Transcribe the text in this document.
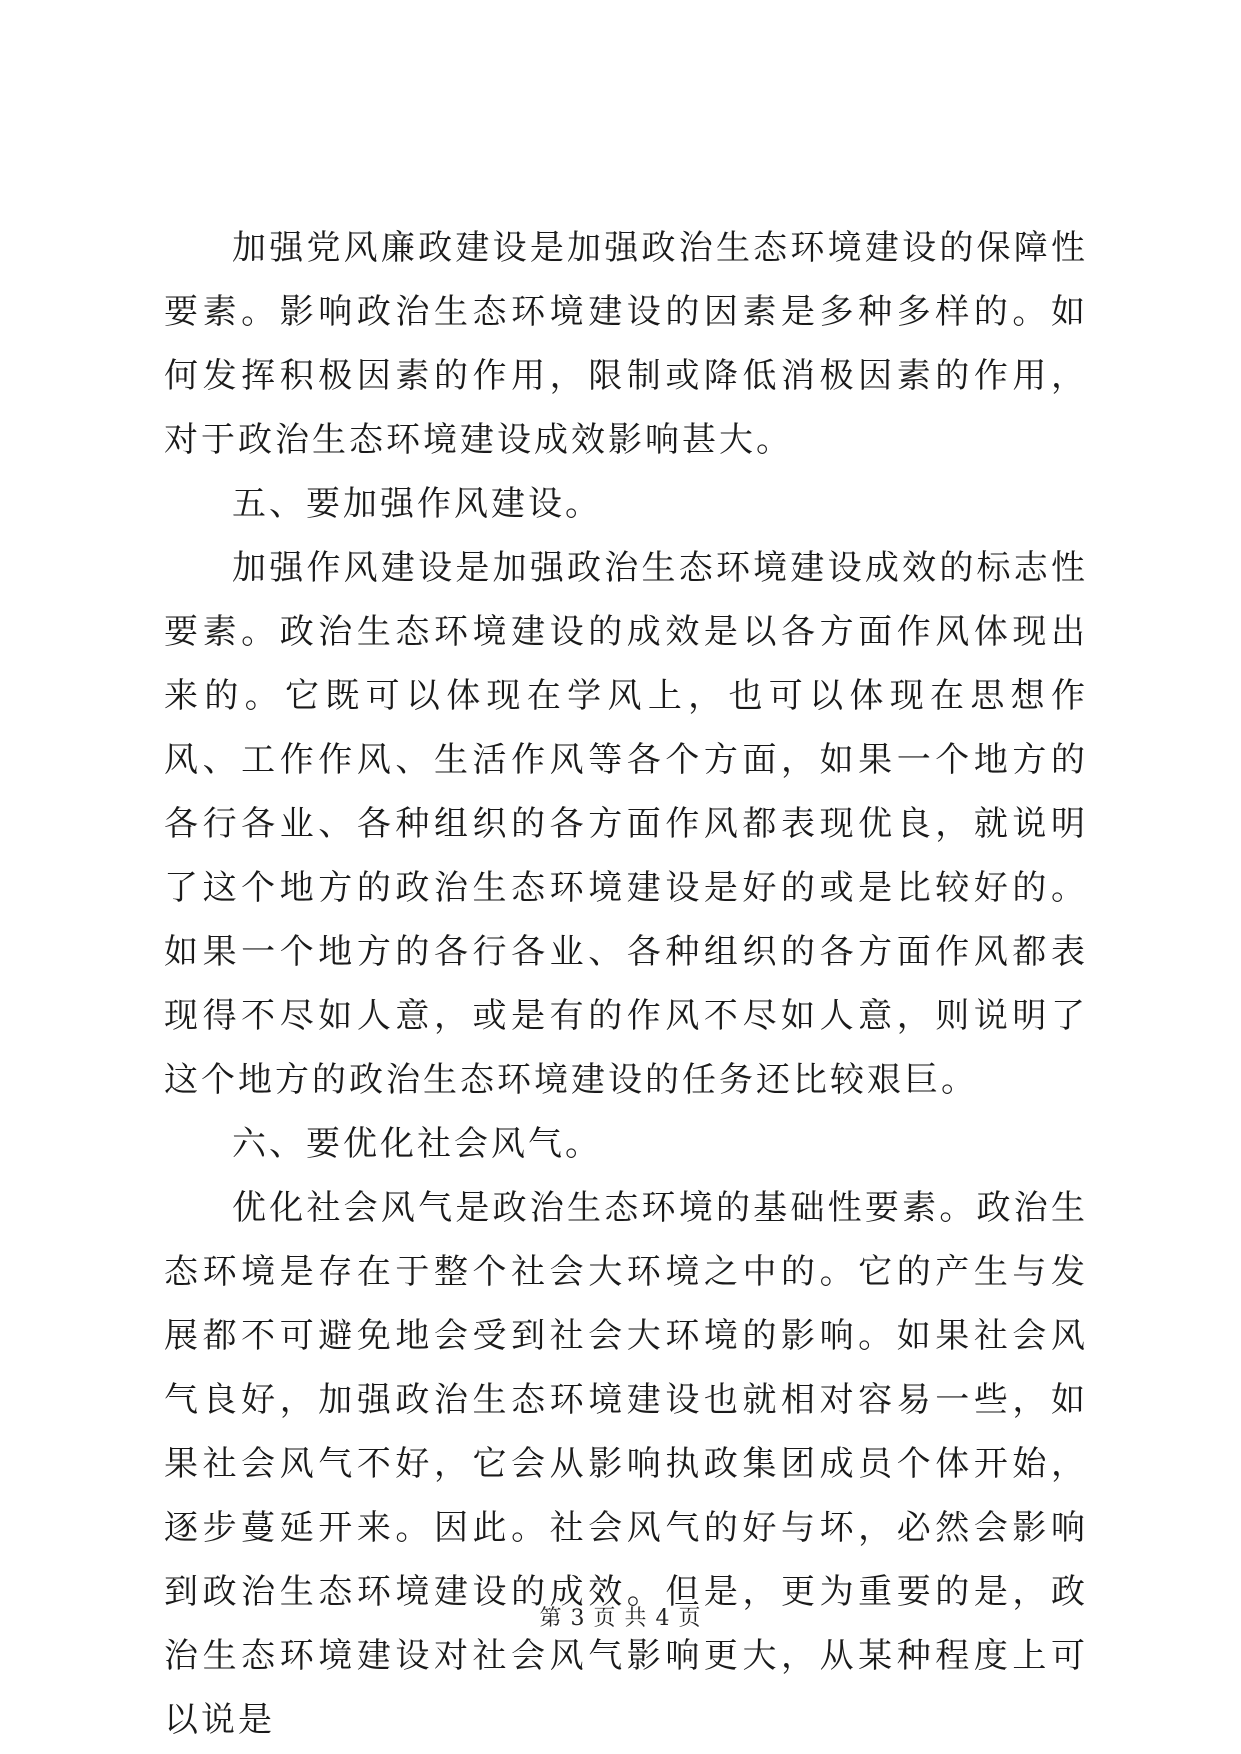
加强党风廉政建设是加强政治生态环境建设的保障性要素。影响政治生态环境建设的因素是多种多样的。如何发挥积极因素的作用，限制或降低消极因素的作用，对于政治生态环境建设成效影响甚大。

五、要加强作风建设。

加强作风建设是加强政治生态环境建设成效的标志性要素。政治生态环境建设的成效是以各方面作风体现出来的。它既可以体现在学风上，也可以体现在思想作风、工作作风、生活作风等各个方面，如果一个地方的各行各业、各种组织的各方面作风都表现优良，就说明了这个地方的政治生态环境建设是好的或是比较好的。如果一个地方的各行各业、各种组织的各方面作风都表现得不尽如人意，或是有的作风不尽如人意，则说明了这个地方的政治生态环境建设的任务还比较艰巨。

六、要优化社会风气。

优化社会风气是政治生态环境的基础性要素。政治生态环境是存在于整个社会大环境之中的。它的产生与发展都不可避免地会受到社会大环境的影响。如果社会风气良好，加强政治生态环境建设也就相对容易一些，如果社会风气不好，它会从影响执政集团成员个体开始，逐步蔓延开来。因此。社会风气的好与坏，必然会影响到政治生态环境建设的成效。但是，更为重要的是，政治生态环境建设对社会风气影响更大，从某种程度上可以说是

第 3 页 共 4 页
